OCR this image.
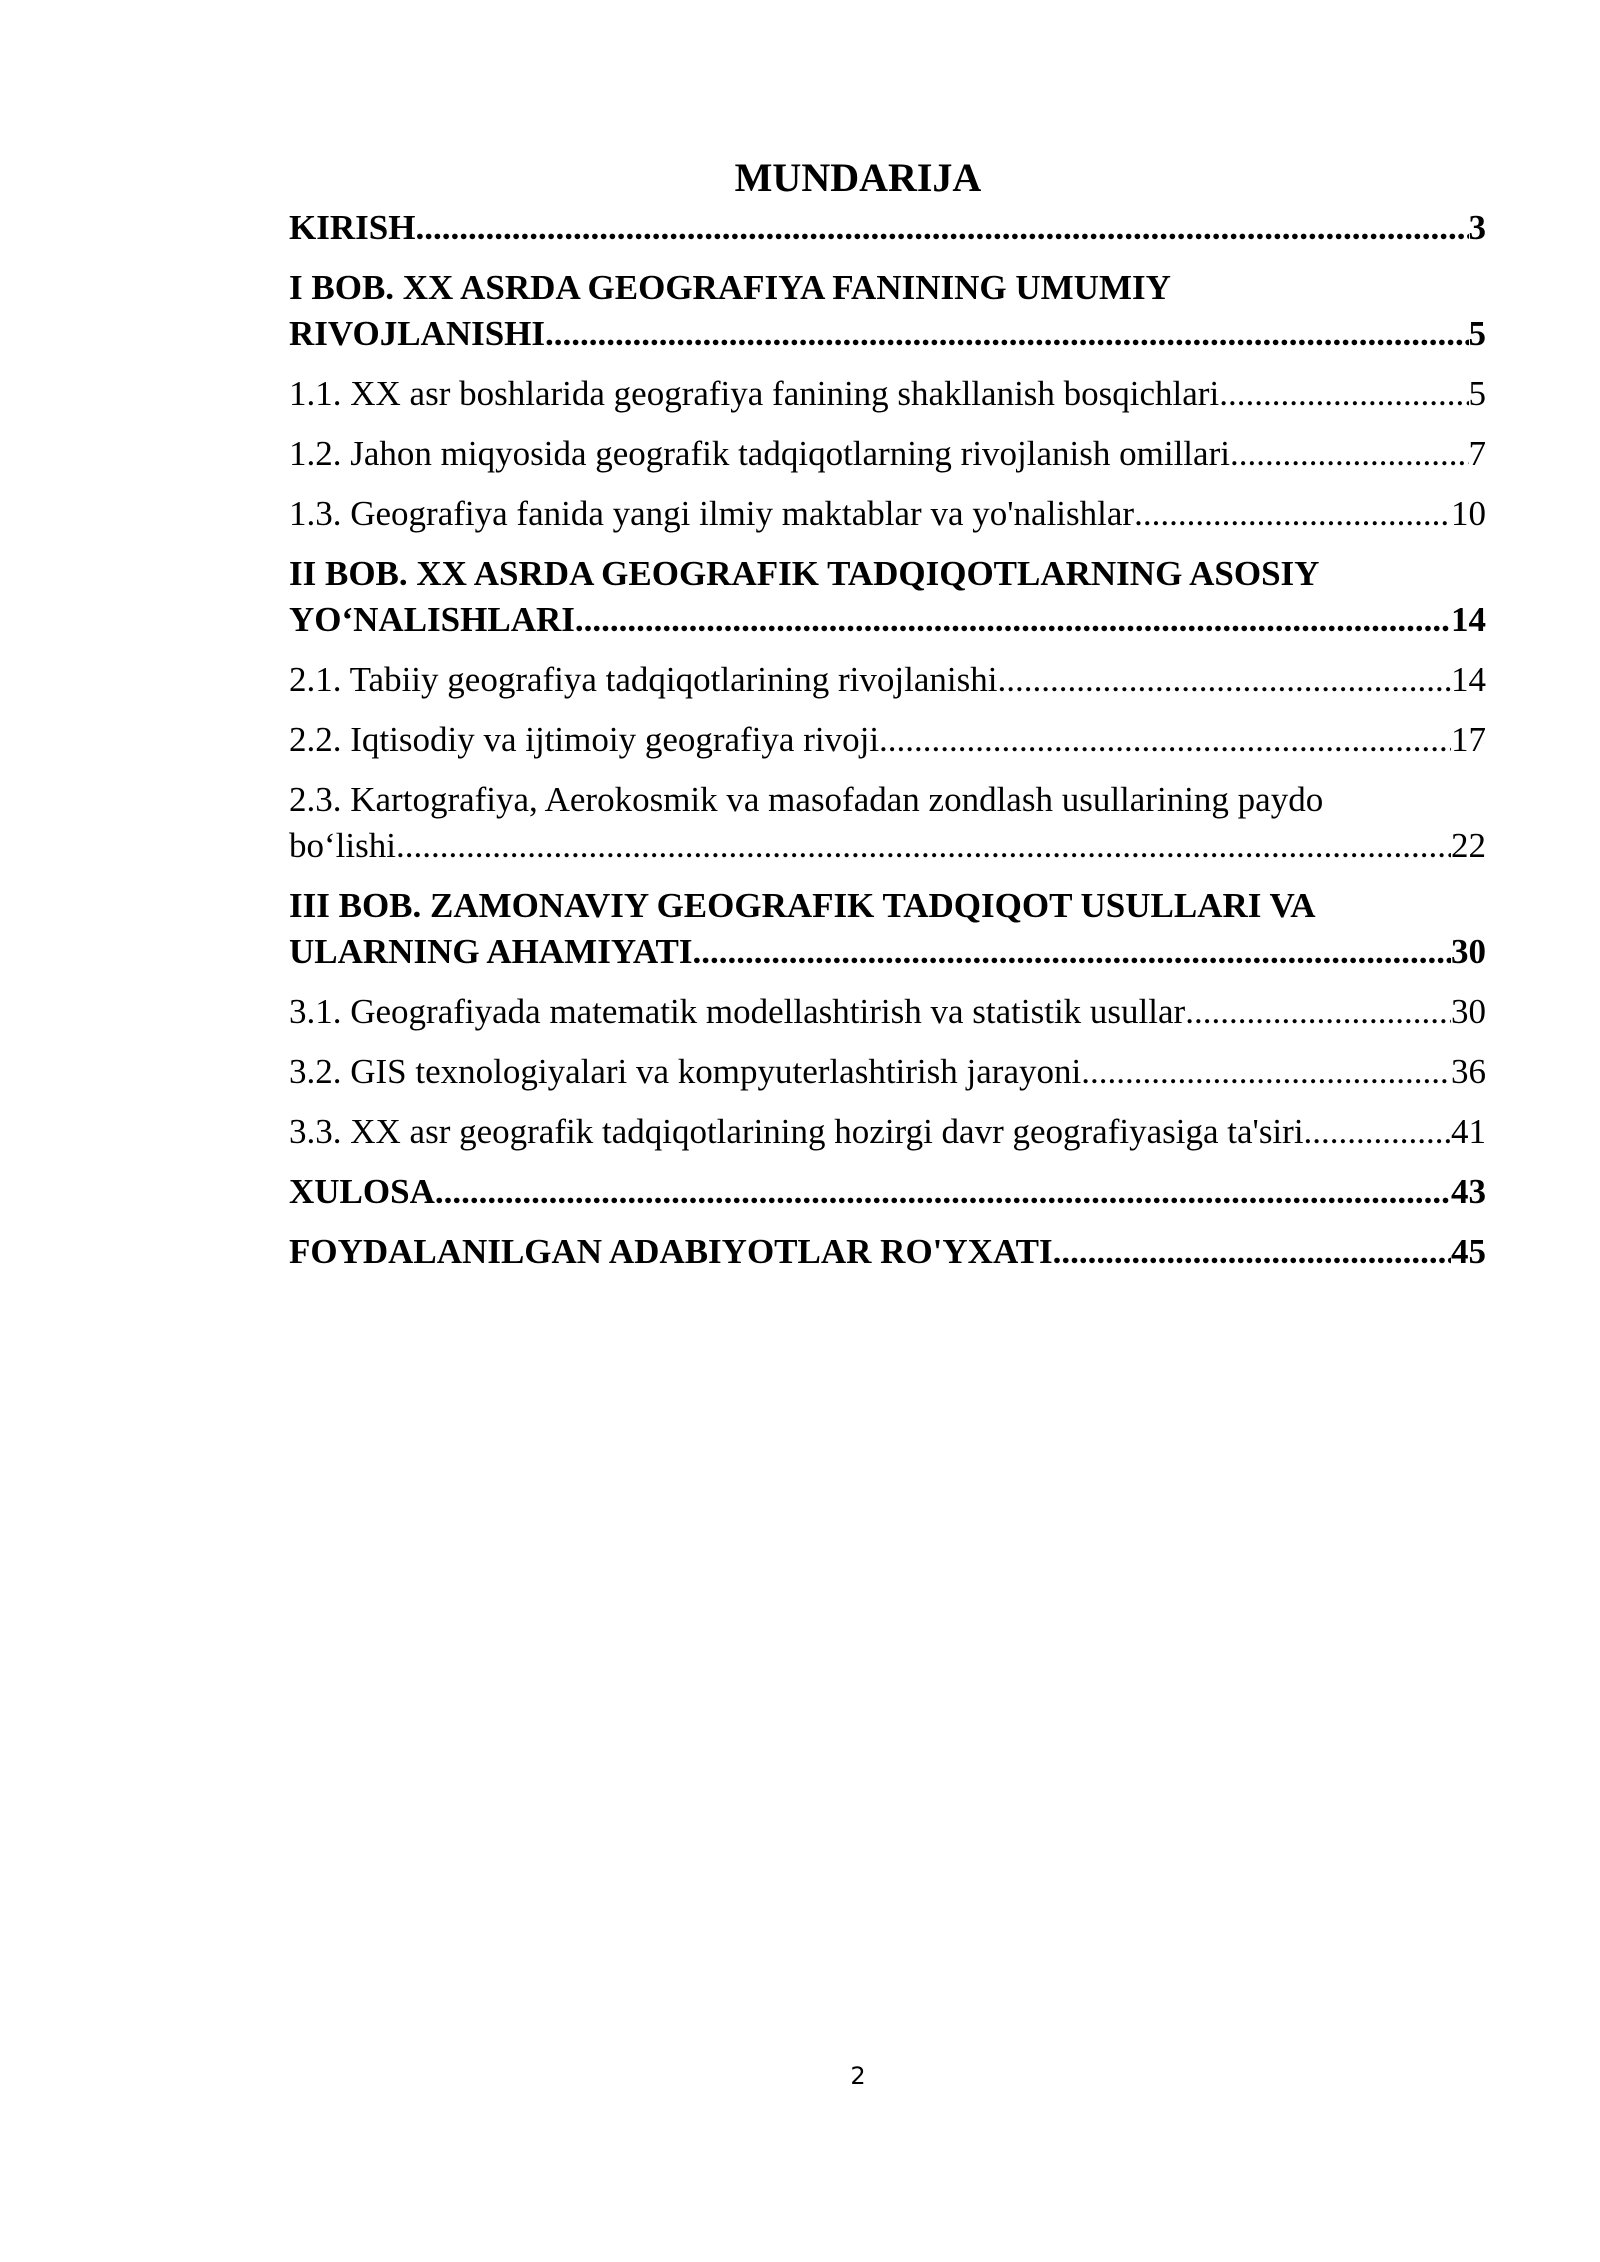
MUNDARIJA
KIRISH .....	3
I BOB. XX ASRDA GEOGRAFIYA FANINING UMUMIY
RIVOJLANISHI .....	5
1.1. XX asr boshlarida geografiya fanining shakllanish bosqichlari .....	5
1.2. Jahon miqyosida geografik tadqiqotlarning rivojlanish omillari .....	7
1.3. Geografiya fanida yangi ilmiy maktablar va yo'nalishlar .....	10
II BOB. XX ASRDA GEOGRAFIK TADQIQOTLARNING ASOSIY
YO‘NALISHLARI .....	14
2.1. Tabiiy geografiya tadqiqotlarining rivojlanishi .....	14
2.2. Iqtisodiy va ijtimoiy geografiya rivoji .....	17
2.3. Kartografiya, Aerokosmik va masofadan zondlash usullarining paydo
bo‘lishi .....	22
III BOB. ZAMONAVIY GEOGRAFIK TADQIQOT USULLARI VA
ULARNING AHAMIYATI .....	30
3.1. Geografiyada matematik modellashtirish va statistik usullar .....	30
3.2. GIS texnologiyalari va kompyuterlashtirish jarayoni .....	36
3.3. XX asr geografik tadqiqotlarining hozirgi davr geografiyasiga ta'siri .....	41
XULOSA .....	43
FOYDALANILGAN ADABIYOTLAR RO'YXATI .....	45
2
